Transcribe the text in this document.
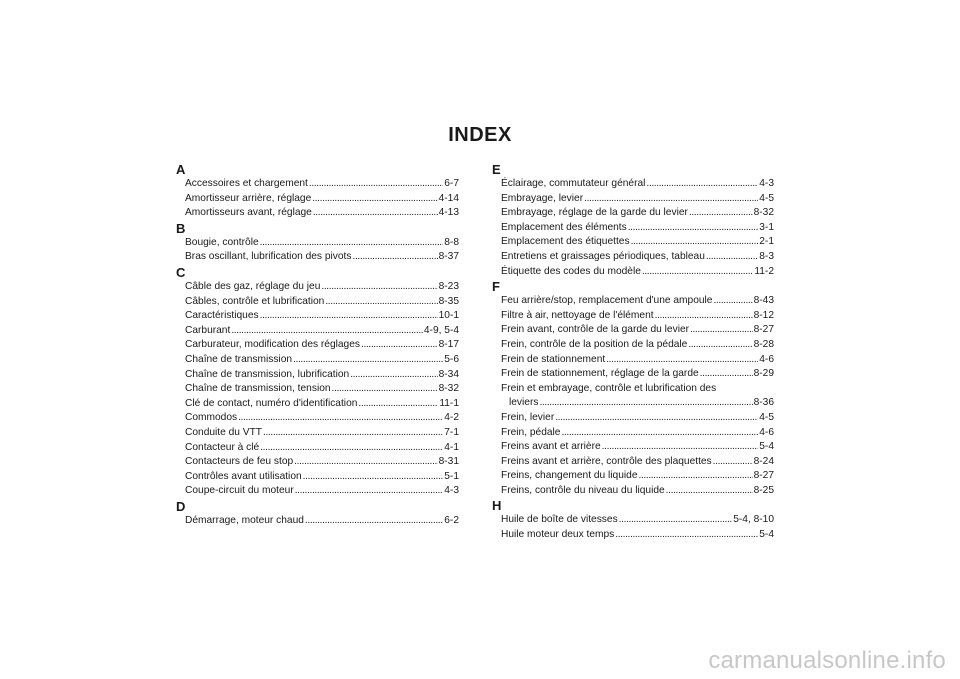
INDEX
A
Accessoires et chargement . . .	6-7
Amortisseur arrière, réglage . . .	4-14
Amortisseurs avant, réglage . . .	4-13
B
Bougie, contrôle . . .	8-8
Bras oscillant, lubrification des pivots . . .	8-37
C
Câble des gaz, réglage du jeu . . .	8-23
Câbles, contrôle et lubrification . . .	8-35
Caractéristiques . . .	10-1
Carburant . . .	4-9, 5-4
Carburateur, modification des réglages . . .	8-17
Chaîne de transmission . . .	5-6
Chaîne de transmission, lubrification . . .	8-34
Chaîne de transmission, tension . . .	8-32
Clé de contact, numéro d'identification . . .	11-1
Commodos . . .	4-2
Conduite du VTT . . .	7-1
Contacteur à clé . . .	4-1
Contacteurs de feu stop . . .	8-31
Contrôles avant utilisation . . .	5-1
Coupe-circuit du moteur . . .	4-3
D
Démarrage, moteur chaud . . .	6-2
E
Éclairage, commutateur général . . .	4-3
Embrayage, levier . . .	4-5
Embrayage, réglage de la garde du levier . . .	8-32
Emplacement des éléments . . .	3-1
Emplacement des étiquettes . . .	2-1
Entretiens et graissages périodiques, tableau . . .	8-3
Étiquette des codes du modèle . . .	11-2
F
Feu arrière/stop, remplacement d'une ampoule . . .	8-43
Filtre à air, nettoyage de l'élément . . .	8-12
Frein avant, contrôle de la garde du levier . . .	8-27
Frein, contrôle de la position de la pédale . . .	8-28
Frein de stationnement . . .	4-6
Frein de stationnement, réglage de la garde . . .	8-29
Frein et embrayage, contrôle et lubrification des
leviers . . .	8-36
Frein, levier . . .	4-5
Frein, pédale . . .	4-6
Freins avant et arrière . . .	5-4
Freins avant et arrière, contrôle des plaquettes . . .	8-24
Freins, changement du liquide . . .	8-27
Freins, contrôle du niveau du liquide . . .	8-25
H
Huile de boîte de vitesses . . .	5-4, 8-10
Huile moteur deux temps . . .	5-4
carmanualsonline.info
